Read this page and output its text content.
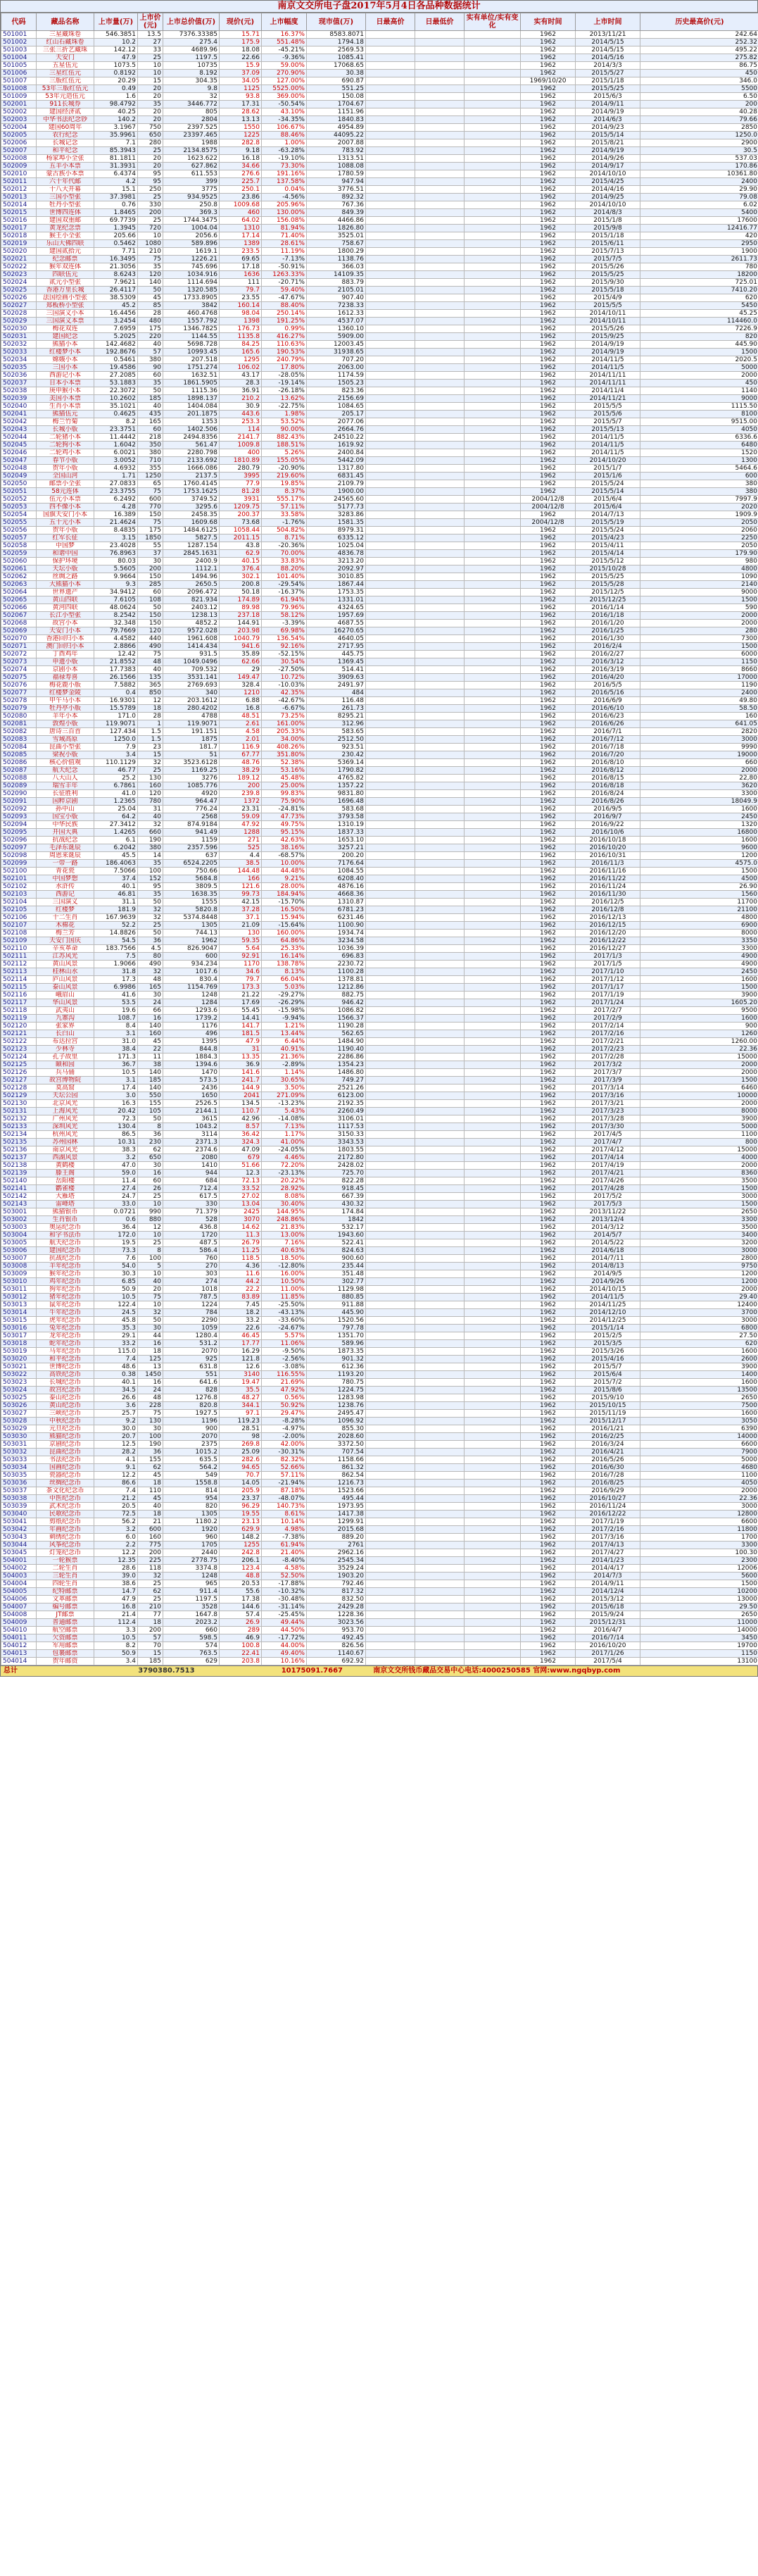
南京文交所电子盘2017年5月4日各品种数据统计
代码	藏品名称	上市量(万)	上市价(元)	上市总价值(万)	现价(元)	上市幅度	现市值(万)	日最高价	日最低价	实有单位/实有变化	实有时间	上市时间	历史最高价(元)
501001	三星藏珠卷	546.3851	13.5	7376.33385	15.71	16.37%	8583.8071				1962	2013/11/21	242.64
501002	红山石藏珠卷	10.2	27	275.4	175.9	551.48%	1794.18				1962	2014/5/15	252.32
501003	三张三折艺藏珠	142.12	33	4689.96	18.08	-45.21%	2569.53				1962	2014/5/15	495.22
501004	天安门	47.9	25	1197.5	22.66	-9.36%	1085.41				1962	2014/5/16	275.82
501005	五星伍元	1073.5	10	10735	15.9	59.00%	17068.65				1962	2014/3/3	86.75
501006	三星红伍元	0.8192	10	8.192	37.09	270.90%	30.38				1962	2015/5/27	450
501007	三版红伍元	20.29	15	304.35	34.05	127.00%	690.87				1969/10/20	2015/1/18	346.0
501008	53年三版红伍元	0.49	20	9.8	1125	5525.00%	551.25				1962	2015/5/25	5500
501009	53年元造伍元	1.6	20	32	93.8	369.00%	150.08				1962	2015/6/3	6.50
502001	911长城券	98.4792	35	3446.772	17.31	-50.54%	1704.67				1962	2014/9/11	200
502002	建国经济贰	40.25	20	805	28.62	43.10%	1151.96				1962	2014/9/19	40.28
502003	中华书法纪念钞	140.2	20	2804	13.13	-34.35%	1840.83				1962	2014/6/3	79.66
502004	建国60周年	3.1967	750	2397.525	1550	106.67%	4954.89				1962	2014/9/23	2850
502005	农行纪念	35.9961	650	23397.465	1225	88.46%	44095.22				1962	2015/5/14	1250.0
502006	长城记念	7.1	280	1988	282.8	1.00%	2007.88				1962	2015/8/21	2900
502007	和平纪念	85.3943	25	2134.8575	9.18	-63.28%	783.92				1962	2014/9/19	30.5
502008	杨家埠小全张	81.1811	20	1623.622	16.18	-19.10%	1313.51				1962	2014/9/26	537.03
502009	五羊小本票	31.3931	20	627.862	34.66	73.30%	1088.08				1962	2014/9/17	170.86
502010	蒙古族小本票	6.4374	95	611.553	276.6	191.16%	1780.59				1962	2014/10/10	10361.80
502011	六十年代邮	4.2	95	399	225.7	137.58%	947.94				1962	2015/4/25	2400
502012	十八大开幕	15.1	250	3775	250.1	0.04%	3776.51				1962	2014/4/16	29.90
502013	三国小型张	37.3981	25	934.9525	23.86	-4.56%	892.32				1962	2014/9/25	79.08
502014	牡丹小型张	0.76	330	250.8	1009.68	205.96%	767.36				1962	2014/10/10	6.02
502015	世博四连体	1.8465	200	369.3	460	130.00%	849.39				1962	2014/8/3	5400
502016	建国双重邮	69.7739	25	1744.3475	64.02	156.08%	4466.86				1962	2015/1/8	17600
502017	黄龙纪念票	1.3945	720	1004.04	1310	81.94%	1826.80				1962	2015/9/8	12416.77
502018	猴王小全张	205.66	10	2056.6	17.14	71.40%	3525.01				1962	2015/1/18	420
502019	乐山大佛四联	0.5462	1080	589.896	1389	28.61%	758.67				1962	2015/6/11	2950
502020	建国贰拾元	7.71	210	1619.1	233.5	11.19%	1800.29				1962	2015/7/13	1900
502021	纪念邮票	16.3495	75	1226.21	69.65	-7.13%	1138.76				1962	2015/7/5	2611.73
502022	猴年双连体	21.3056	35	745.696	17.18	-50.91%	366.03				1962	2015/5/26	780
502023	四联伍元	8.6243	120	1034.916	1636	1263.33%	14109.35				1962	2015/5/25	18200
502024	贰元小型张	7.9621	140	1114.694	111	-20.71%	883.79				1962	2015/9/30	725.01
502025	香港万里长城	26.4117	50	1320.585	79.7	59.40%	2105.01				1962	2015/5/18	7410.20
502026	法国绘画小型张	38.5309	45	1733.8905	23.55	-47.67%	907.40				1962	2015/4/9	620
502027	郑板桥小型张	45.2	85	3842	160.14	88.40%	7238.33				1962	2015/5/5	5450
502028	三国演义小本	16.4456	28	460.4768	98.04	250.14%	1612.33				1962	2014/10/11	45.25
502029	三国演义本票	3.2454	480	1557.792	1398	191.25%	4537.07				1962	2014/10/11	114460.0
502030	梅花双连	7.6959	175	1346.7825	176.73	0.99%	1360.10				1962	2015/5/26	7226.9
502031	建国纪念	5.2025	220	1144.55	1135.8	416.27%	5909.00				1962	2015/9/25	820
502032	熊猫小本	142.4682	40	5698.728	84.25	110.63%	12003.45				1962	2014/9/19	445.90
502033	红楼梦小本	192.8676	57	10993.45	165.6	190.53%	31938.65				1962	2014/9/19	1500
502034	嫦娥小本	0.5461	380	207.518	1295	240.79%	707.20				1962	2014/11/5	2020.5
502035	三国小本	19.4586	90	1751.274	106.02	17.80%	2063.00				1962	2014/11/5	5000
502036	西游记小本	27.2085	60	1632.51	43.17	-28.05%	1174.59				1962	2014/11/11	2000
502037	日本小本票	53.1883	35	1861.5905	28.3	-19.14%	1505.23				1962	2014/11/11	450
502038	庚申猴小本	22.3072	50	1115.36	36.91	-26.18%	823.36				1962	2014/11/4	1140
502039	美国小本票	10.2602	185	1898.137	210.2	13.62%	2156.69				1962	2014/11/21	9000
502040	生肖小本票	35.1021	40	1404.084	30.9	-22.75%	1084.65				1962	2015/5/5	1115.50
502041	熊猫伍元	0.4625	435	201.1875	443.6	1.98%	205.17				1962	2015/5/6	8100
502042	梅兰竹菊	8.2	165	1353	253.3	53.52%	2077.06				1962	2015/5/7	9515.00
502043	长城小版	23.3751	60	1402.506	114	90.00%	2664.76				1962	2015/5/13	4050
502044	二轮猪小本	11.4442	218	2494.8356	2141.7	882.43%	24510.22				1962	2014/11/5	6336.6
502045	二轮狗小本	1.6042	350	561.47	1009.8	188.51%	1619.92				1962	2014/11/5	6480
502046	二轮鸡小本	6.0021	380	2280.798	400	5.26%	2400.84				1962	2014/11/5	1520
502047	春节小版	3.0052	710	2133.692	1810.89	155.05%	5442.09				1962	2014/10/20	1300
502048	贺年小版	4.6932	355	1666.086	280.79	-20.90%	1317.80				1962	2015/1/7	5464.6
502049	全国山河	1.71	1250	2137.5	3995	219.60%	6831.45				1962	2015/1/6	600
502050	邮票小全张	27.0833	65	1760.4145	77.9	19.85%	2109.79				1962	2015/5/24	380
502051	58元连体	23.3755	75	1753.1625	81.28	8.37%	1900.00				1962	2015/5/14	380
502052	伍元小本票	6.2492	600	3749.52	3931	555.17%	24565.60				2004/12/8	2015/6/4	7997.9
502053	四不像小本	4.28	770	3295.6	1209.75	57.11%	5177.73				2004/12/8	2015/6/4	2020
502054	国旗天安门小本	16.389	150	2458.35	200.37	33.58%	3283.86				1962	2014/7/13	1909.9
502055	五十元小本	21.4624	75	1609.68	73.68	-1.76%	1581.35				2004/12/8	2015/5/19	2050
502056	贺年小版	8.4835	175	1484.6125	1058.44	504.82%	8979.31				1962	2015/5/24	2060
502057	红军长征	3.15	1850	5827.5	2011.15	8.71%	6335.12				1962	2015/4/23	2250
502058	中国梦	23.4028	55	1287.154	43.8	-20.36%	1025.04				1962	2015/4/11	2050
502059	和谐中国	76.8963	37	2845.1631	62.9	70.00%	4836.78				1962	2015/4/14	179.90
502060	保护环境	80.03	30	2400.9	40.15	33.83%	3213.20				1962	2015/5/12	980
502061	天坛小版	5.5605	200	1112.1	376.4	88.20%	2092.97				1962	2015/10/28	4800
502062	丝绸之路	9.9664	150	1494.96	302.1	101.40%	3010.85				1962	2015/5/25	1090
502063	大熊猫小本	9.3	285	2650.5	200.8	-29.54%	1867.44				1962	2015/5/28	2140
502064	世界遗产	34.9412	60	2096.472	50.18	-16.37%	1753.35				1962	2015/12/5	9000
502065	黄山四联	7.6105	108	821.934	174.89	61.94%	1331.01				1962	2015/12/25	1500
502066	黄河四联	48.0624	50	2403.12	89.98	79.96%	4324.65				1962	2016/1/14	590
502067	长江小型张	8.2542	150	1238.13	237.18	58.12%	1957.69				1962	2016/1/18	2000
502068	故宫小本	32.348	150	4852.2	144.91	-3.39%	4687.55				1962	2016/1/20	2000
502069	天安门小本	79.7669	120	9572.028	203.98	69.98%	16270.65				1962	2016/1/25	280
502070	香港回归小本	4.4582	440	1961.608	1040.79	136.54%	4640.05				1962	2016/1/30	7300
502071	澳门回归小本	2.8866	490	1414.434	941.6	92.16%	2717.95				1962	2016/2/4	1500
502072	丁酉鸡年	12.42	75	931.5	35.89	-52.15%	445.75				1962	2016/2/27	6000
502073	申遗小版	21.8552	48	1049.0496	62.66	30.54%	1369.45				1962	2016/3/12	1150
502074	京剧小本	17.7383	40	709.532	29	-27.50%	514.41				1962	2016/3/19	8660
502075	福禄寿喜	26.1566	135	3531.141	149.47	10.72%	3909.63				1962	2016/4/20	17000
502076	梅花鹿小版	7.5882	365	2769.693	328.4	-10.03%	2491.97				1962	2016/5/5	1190
502077	红楼梦金陵	0.4	850	340	1210	42.35%	484				1962	2016/5/16	2400
502078	甲午马小本	16.9301	12	203.1612	6.88	-42.67%	116.48				1962	2016/6/9	49.80
502079	牡丹亭小版	15.5789	18	280.4202	16.8	-6.67%	261.73				1962	2016/6/10	58.50
502080	羊年小本	171.0	28	4788	48.51	73.25%	8295.21				1962	2016/6/23	160
502081	敦煌小版	119.9071	1	119.9071	2.61	161.00%	312.96				1962	2016/6/26	641.05
502082	唐诗三百首	127.434	1.5	191.151	4.58	205.33%	583.65				1962	2016/7/1	2820
502083	雪域高原	1250.0	1.5	1875	2.01	34.00%	2512.50				1962	2016/7/12	3000
502084	昆曲小型张	7.9	23	181.7	116.9	408.26%	923.51				1962	2016/7/18	9990
502085	梁祝小版	3.4	15	51	67.77	351.80%	230.42				1962	2016/7/20	19000
502086	核心价值观	110.1129	32	3523.6128	48.76	52.38%	5369.14				1962	2016/8/10	660
502087	航天纪念	46.77	25	1169.25	38.29	53.16%	1790.82				1962	2016/8/12	2000
502088	八大山人	25.2	130	3276	189.12	45.48%	4765.82				1962	2016/8/15	22,80
502089	瑞雪丰年	6.7861	160	1085.776	200	25.00%	1357.22				1962	2016/8/18	3620
502090	长征胜利	41.0	120	4920	239.8	99.83%	9831.80				1962	2016/8/24	3300
502091	国粹京剧	1.2365	780	964.47	1372	75.90%	1696.48				1962	2016/8/26	18049.9
502092	孙中山	25.04	31	776.24	23.31	-24.81%	583.68				1962	2016/9/5	1600
502093	国宝小版	64.2	40	2568	59.09	47.73%	3793.58				1962	2016/9/7	2450
502094	中华民族	27.3412	32	874.9184	47.92	49.75%	1310.19				1962	2016/9/22	1320
502095	开国大典	1.4265	660	941.49	1288	95.15%	1837.33				1962	2016/10/6	16800
502096	抗战纪念	6.1	190	1159	271	42.63%	1653.10				1962	2016/10/18	1600
502097	毛泽东诞辰	6.2042	380	2357.596	525	38.16%	3257.21				1962	2016/10/20	9600
502098	周恩来诞辰	45.5	14	637	4.4	-68.57%	200.20				1962	2016/10/31	1200
502099	一带一路	186.4063	35	6524.2205	38.5	10.00%	7176.64				1962	2016/11/3	4575.0
502100	青花瓷	7.5066	100	750.66	144.48	44.48%	1084.55				1962	2016/11/16	1500
502101	中国梦想	37.4	152	5684.8	166	9.21%	6208.40				1962	2016/11/22	4500
502102	水浒传	40.1	95	3809.5	121.6	28.00%	4876.16				1962	2016/11/24	26.90
502103	西游记	46.81	35	1638.35	99.73	184.94%	4668.36				1962	2016/11/30	1560
502104	三国演义	31.1	50	1555	42.15	-15.70%	1310.87				1962	2016/12/5	11700
502105	红楼梦	181.9	32	5820.8	37.28	16.50%	6781.23				1962	2016/12/8	21100
502106	十二生肖	167.9639	32	5374.8448	37.1	15.94%	6231.46				1962	2016/12/13	4800
502107	木棉花	52.2	25	1305	21.09	-15.64%	1100.90				1962	2016/12/15	6900
502108	梅兰芳	14.8826	50	744.13	130	160.00%	1934.74				1962	2016/12/20	8000
502109	天安门国庆	54.5	36	1962	59.35	64.86%	3234.58				1962	2016/12/22	3350
502110	辛亥革命	183.7566	4.5	826.9047	5.64	25.33%	1036.39				1962	2016/12/27	3300
502111	江苏风光	7.5	80	600	92.91	16.14%	696.83				1962	2017/1/3	4900
502112	黄山风景	1.9066	490	934.234	1170	138.78%	2230.72				1962	2017/1/5	4900
502113	桂林山水	31.8	32	1017.6	34.6	8.13%	1100.28				1962	2017/1/10	2450
502114	庐山风景	17.3	48	830.4	79.7	66.04%	1378.81				1962	2017/1/12	1600
502115	泰山风景	6.9986	165	1154.769	173.3	5.03%	1212.86				1962	2017/1/17	1500
502116	峨眉山	41.6	30	1248	21.22	-29.27%	882.75				1962	2017/1/19	3900
502117	华山风景	53.5	24	1284	17.69	-26.29%	946.42				1962	2017/1/24	1605.20
502118	武夷山	19.6	66	1293.6	55.45	-15.98%	1086.82				1962	2017/2/7	9500
502119	九寨沟	108.7	16	1739.2	14.41	-9.94%	1566.37				1962	2017/2/9	1600
502120	张家界	8.4	140	1176	141.7	1.21%	1190.28				1962	2017/2/14	900
502121	长白山	3.1	160	496	181.5	13.44%	562.65				1962	2017/2/16	1260
502122	布达拉宫	31.0	45	1395	47.9	6.44%	1484.90				1962	2017/2/21	1260.00
502123	少林寺	38.4	22	844.8	31	40.91%	1190.40				1962	2017/2/23	22.36
502124	孔子故里	171.3	11	1884.3	13.35	21.36%	2286.86				1962	2017/2/28	15000
502125	颐和园	36.7	38	1394.6	36.9	-2.89%	1354.23				1962	2017/3/2	2000
502126	兵马俑	10.5	140	1470	141.6	1.14%	1486.80				1962	2017/3/7	2000
502127	故宫博物院	3.1	185	573.5	241.7	30.65%	749.27				1962	2017/3/9	1500
502128	莫高窟	17.4	140	2436	144.9	3.50%	2521.26				1962	2017/3/14	6460
502129	天坛公园	3.0	550	1650	2041	271.09%	6123.00				1962	2017/3/16	10000
502130	北京风光	16.3	155	2526.5	134.5	-13.23%	2192.35				1962	2017/3/21	2000
502131	上海风光	20.42	105	2144.1	110.7	5.43%	2260.49				1962	2017/3/23	8000
502132	广州风光	72.3	50	3615	42.96	-14.08%	3106.01				1962	2017/3/28	3900
502133	深圳风光	130.4	8	1043.2	8.57	7.13%	1117.53				1962	2017/3/30	5000
502134	杭州风光	86.5	36	3114	36.42	1.17%	3150.33				1962	2017/4/5	1100
502135	苏州园林	10.31	230	2371.3	324.3	41.00%	3343.53				1962	2017/4/7	800
502136	南京风光	38.3	62	2374.6	47.09	-24.05%	1803.55				1962	2017/4/12	15000
502137	西湖风景	3.2	650	2080	679	4.46%	2172.80				1962	2017/4/14	4000
502138	黄鹤楼	47.0	30	1410	51.66	72.20%	2428.02				1962	2017/4/19	2000
502139	滕王阁	59.0	16	944	12.3	-23.13%	725.70				1962	2017/4/21	8360
502140	岳阳楼	11.4	60	684	72.13	20.22%	822.28				1962	2017/4/26	3500
502141	鹳雀楼	27.4	26	712.4	33.52	28.92%	918.45				1962	2017/4/28	1500
502142	大雁塔	24.7	25	617.5	27.02	8.08%	667.39				1962	2017/5/2	3000
502143	雷峰塔	33.0	10	330	13.04	30.40%	430.32				1962	2017/5/3	1500
503001	熊猫银币	0.0721	990	71.379	2425	144.95%	174.84				1962	2013/11/22	2650
503002	生肖银币	0.6	880	528	3070	248.86%	1842				1962	2013/12/4	3300
503003	奥运纪念币	36.4	12	436.8	14.62	21.83%	532.17				1962	2014/3/12	3500
503004	和字书法币	172.0	10	1720	11.3	13.00%	1943.60				1962	2014/5/7	3400
503005	航天纪念币	19.5	25	487.5	26.79	7.16%	522.41				1962	2014/5/22	3200
503006	建国纪念币	73.3	8	586.4	11.25	40.63%	824.63				1962	2014/6/18	3000
503007	抗战纪念币	7.6	100	760	118.5	18.50%	900.60				1962	2014/7/11	2800
503008	羊年纪念币	54.0	5	270	4.36	-12.80%	235.44				1962	2014/8/13	9750
503009	猴年纪念币	30.3	10	303	11.6	16.00%	351.48				1962	2014/9/5	1200
503010	鸡年纪念币	6.85	40	274	44.2	10.50%	302.77				1962	2014/9/26	1200
503011	狗年纪念币	50.9	20	1018	22.2	11.00%	1129.98				1962	2014/10/15	2000
503012	猪年纪念币	10.5	75	787.5	83.89	11.85%	880.85				1962	2014/11/5	29.40
503013	鼠年纪念币	122.4	10	1224	7.45	-25.50%	911.88				1962	2014/11/25	12400
503014	牛年纪念币	24.5	32	784	18.2	-43.13%	445.90				1962	2014/12/10	3700
503015	虎年纪念币	45.8	50	2290	33.2	-33.60%	1520.56				1962	2014/12/25	3000
503016	兔年纪念币	35.3	30	1059	22.6	-24.67%	797.78				1962	2015/1/14	6800
503017	龙年纪念币	29.1	44	1280.4	46.45	5.57%	1351.70				1962	2015/2/5	27.50
503018	蛇年纪念币	33.2	16	531.2	17.77	11.06%	589.96				1962	2015/3/5	620
503019	马年纪念币	115.0	18	2070	16.29	-9.50%	1873.35				1962	2015/3/26	1600
503020	和平纪念币	7.4	125	925	121.8	-2.56%	901.32				1962	2015/4/16	2600
503021	世博纪念币	48.6	13	631.8	12.6	-3.08%	612.36				1962	2015/5/7	3900
503022	高铁纪念币	0.38	1450	551	3140	116.55%	1193.20				1962	2015/6/4	1400
503023	长城纪念币	40.1	16	641.6	19.47	21.69%	780.75				1962	2015/7/2	1600
503024	故宫纪念币	34.5	24	828	35.5	47.92%	1224.75				1962	2015/8/6	13500
503025	泰山纪念币	26.6	48	1276.8	48.27	0.56%	1283.98				1962	2015/9/10	2650
503026	黄山纪念币	3.6	228	820.8	344.1	50.92%	1238.76				1962	2015/10/15	7500
503027	三峡纪念币	25.7	75	1927.5	97.1	29.47%	2495.47				1962	2015/11/19	1600
503028	中秋纪念币	9.2	130	1196	119.23	-8.28%	1096.92				1962	2015/12/17	3050
503029	元旦纪念币	30.0	30	900	28.51	-4.97%	855.30				1962	2016/1/21	6390
503030	熊猫纪念币	20.7	100	2070	98	-2.00%	2028.60				1962	2016/2/25	14000
503031	京剧纪念币	12.5	190	2375	269.8	42.00%	3372.50				1962	2016/3/24	6600
503032	昆曲纪念币	28.2	36	1015.2	25.09	-30.31%	707.54				1962	2016/4/21	7900
503033	书法纪念币	4.1	155	635.5	282.6	82.32%	1158.66				1962	2016/5/26	5000
503034	国画纪念币	9.1	62	564.2	94.65	52.66%	861.32				1962	2016/6/30	4680
503035	瓷器纪念币	12.2	45	549	70.7	57.11%	862.54				1962	2016/7/28	1100
503036	丝绸纪念币	86.6	18	1558.8	14.05	-21.94%	1216.73				1962	2016/8/25	4050
503037	茶文化纪念币	7.4	110	814	205.9	87.18%	1523.66				1962	2016/9/29	2000
503038	中医纪念币	21.2	45	954	23.37	-48.07%	495.44				1962	2016/10/27	22.36
503039	武术纪念币	20.5	40	820	96.29	140.73%	1973.95				1962	2016/11/24	3000
503040	民歌纪念币	72.5	18	1305	19.55	8.61%	1417.38				1962	2016/12/22	12800
503041	剪纸纪念币	56.2	21	1180.2	23.13	10.14%	1299.91				1962	2017/1/19	6600
503042	年画纪念币	3.2	600	1920	629.9	4.98%	2015.68				1962	2017/2/16	11800
503043	刺绣纪念币	6.0	160	960	148.2	-7.38%	889.20				1962	2017/3/16	1700
503044	风筝纪念币	2.2	775	1705	1255	61.94%	2761				1962	2017/4/13	3300
503045	灯笼纪念币	12.2	200	2440	242.8	21.40%	2962.16				1962	2017/4/27	100.30
504001	一轮猴票	12.35	225	2778.75	206.1	-8.40%	2545.34				1962	2014/1/23	2300
504002	二轮生肖	28.6	118	3374.8	123.4	4.58%	3529.24				1962	2014/4/17	12006
504003	三轮生肖	39.0	32	1248	48.8	52.50%	1903.20				1962	2014/7/3	5600
504004	四轮生肖	38.6	25	965	20.53	-17.88%	792.46				1962	2014/9/11	1500
504005	纪特邮票	14.7	62	911.4	55.6	-10.32%	817.32				1962	2014/12/4	10200
504006	文革邮票	47.9	25	1197.5	17.38	-30.48%	832.50				1962	2015/3/12	13000
504007	编号邮票	16.8	210	3528	144.6	-31.14%	2429.28				1962	2015/6/18	29.50
504008	JT邮票	21.4	77	1647.8	57.4	-25.45%	1228.36				1962	2015/9/24	2650
504009	普通邮票	112.4	18	2023.2	26.9	49.44%	3023.56				1962	2015/12/31	11000
504010	航空邮票	3.3	200	660	289	44.50%	953.70				1962	2016/4/7	14000
504011	欠资邮票	10.5	57	598.5	46.9	-17.72%	492.45				1962	2016/7/14	3450
504012	军用邮票	8.2	70	574	100.8	44.00%	826.56				1962	2016/10/20	19700
504013	包裹邮票	50.9	15	763.5	22.41	49.40%	1140.67				1962	2017/1/26	1150
504014	贺年邮资	3.4	185	629	203.8	10.16%	692.92				1962	2017/5/4	13100
总计	3790380.7513	10175091.7667	南京文交所钱币藏品交易中心电话:4000250585 官网:www.ngqbyp.com
